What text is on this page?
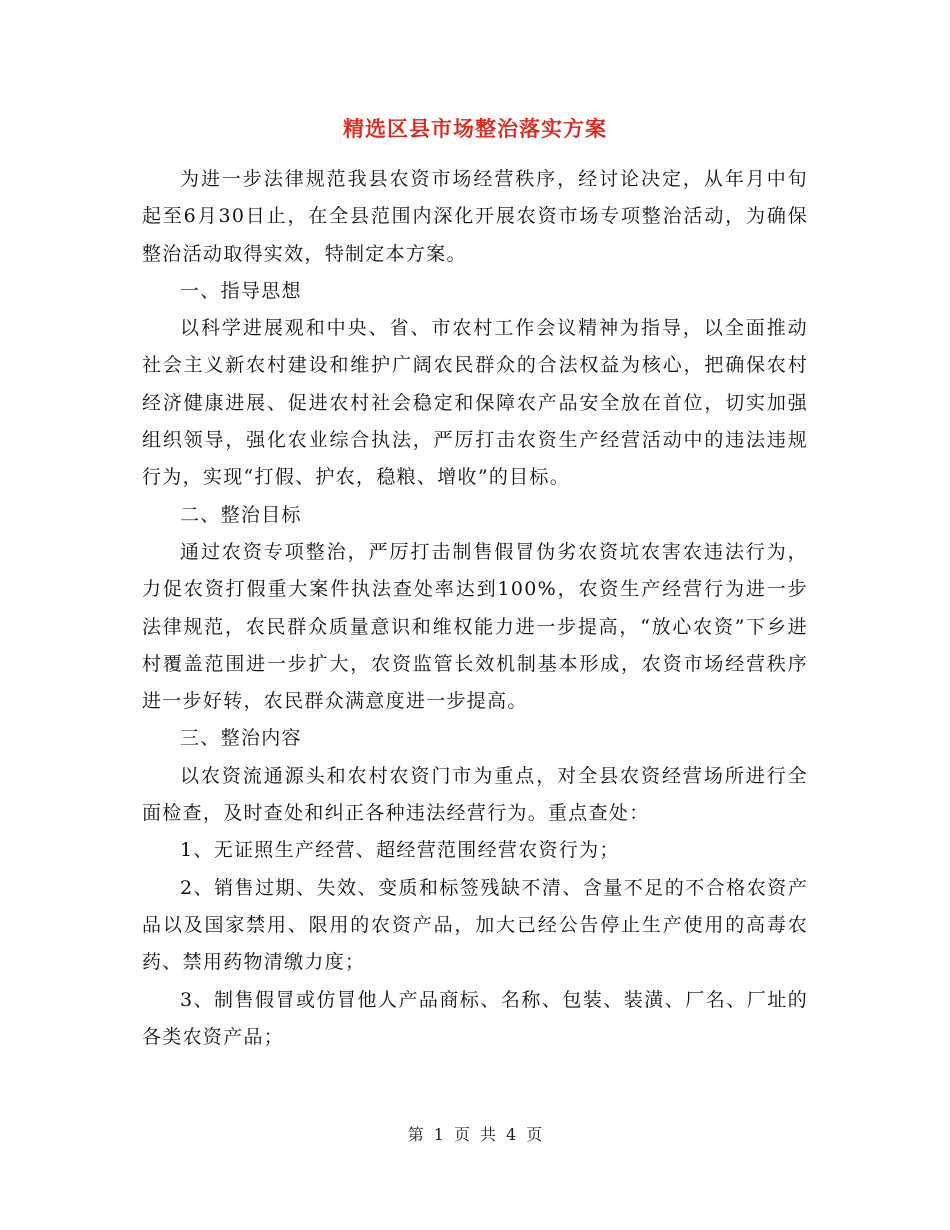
精选区县市场整治落实方案

为进一步法律规范我县农资市场经营秩序，经讨论决定，从年月中旬起至6月30日止，在全县范围内深化开展农资市场专项整治活动，为确保整治活动取得实效，特制定本方案。

一、指导思想

以科学进展观和中央、省、市农村工作会议精神为指导，以全面推动社会主义新农村建设和维护广阔农民群众的合法权益为核心，把确保农村经济健康进展、促进农村社会稳定和保障农产品安全放在首位，切实加强组织领导，强化农业综合执法，严厉打击农资生产经营活动中的违法违规行为，实现“打假、护农，稳粮、增收”的目标。

二、整治目标

通过农资专项整治，严厉打击制售假冒伪劣农资坑农害农违法行为，力促农资打假重大案件执法查处率达到100%，农资生产经营行为进一步法律规范，农民群众质量意识和维权能力进一步提高，“放心农资”下乡进村覆盖范围进一步扩大，农资监管长效机制基本形成，农资市场经营秩序进一步好转，农民群众满意度进一步提高。

三、整治内容

以农资流通源头和农村农资门市为重点，对全县农资经营场所进行全面检查，及时查处和纠正各种违法经营行为。重点查处：

1、无证照生产经营、超经营范围经营农资行为；

2、销售过期、失效、变质和标签残缺不清、含量不足的不合格农资产品以及国家禁用、限用的农资产品，加大已经公告停止生产使用的高毒农药、禁用药物清缴力度；

3、制售假冒或仿冒他人产品商标、名称、包装、装潢、厂名、厂址的各类农资产品；

第 1 页 共 4 页
